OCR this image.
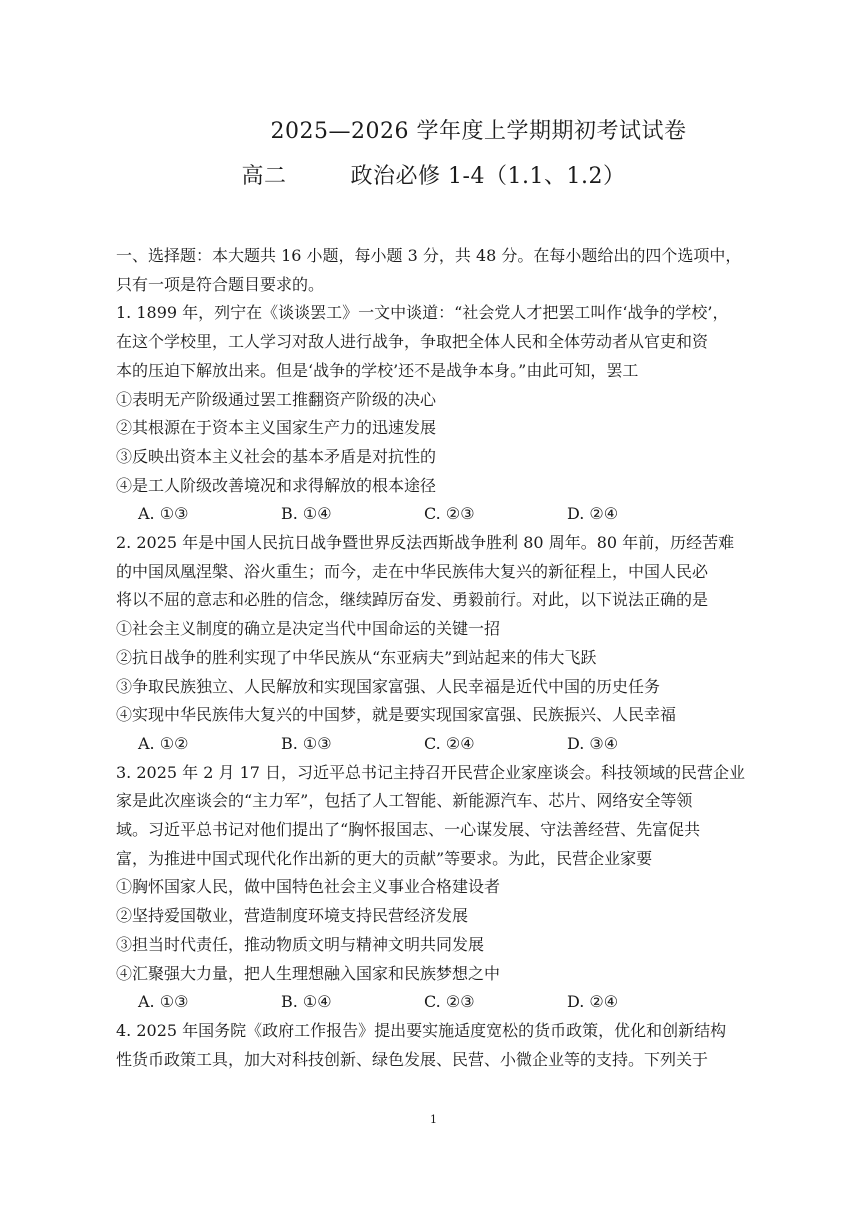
2025—2026 学年度上学期期初考试试卷
高二	政治必修 1-4（1.1、1.2）
一、选择题：本大题共 16 小题，每小题 3 分，共 48 分。在每小题给出的四个选项中，
只有一项是符合题目要求的。
1. 1899 年，列宁在《谈谈罢工》一文中谈道：“社会党人才把罢工叫作‘战争的学校’，
在这个学校里，工人学习对敌人进行战争，争取把全体人民和全体劳动者从官吏和资
本的压迫下解放出来。但是‘战争的学校’还不是战争本身。”由此可知，罢工
①表明无产阶级通过罢工推翻资产阶级的决心
②其根源在于资本主义国家生产力的迅速发展
③反映出资本主义社会的基本矛盾是对抗性的
④是工人阶级改善境况和求得解放的根本途径
A. ①③	B. ①④	C. ②③	D. ②④
2. 2025 年是中国人民抗日战争暨世界反法西斯战争胜利 80 周年。80 年前，历经苦难
的中国凤凰涅槃、浴火重生；而今，走在中华民族伟大复兴的新征程上，中国人民必
将以不屈的意志和必胜的信念，继续踔厉奋发、勇毅前行。对此，以下说法正确的是
①社会主义制度的确立是决定当代中国命运的关键一招
②抗日战争的胜利实现了中华民族从“东亚病夫”到站起来的伟大飞跃
③争取民族独立、人民解放和实现国家富强、人民幸福是近代中国的历史任务
④实现中华民族伟大复兴的中国梦，就是要实现国家富强、民族振兴、人民幸福
A. ①②	B. ①③	C. ②④	D. ③④
3. 2025 年 2 月 17 日，习近平总书记主持召开民营企业家座谈会。科技领域的民营企业
家是此次座谈会的“主力军”，包括了人工智能、新能源汽车、芯片、网络安全等领
域。习近平总书记对他们提出了“胸怀报国志、一心谋发展、守法善经营、先富促共
富，为推进中国式现代化作出新的更大的贡献”等要求。为此，民营企业家要
①胸怀国家人民，做中国特色社会主义事业合格建设者
②坚持爱国敬业，营造制度环境支持民营经济发展
③担当时代责任，推动物质文明与精神文明共同发展
④汇聚强大力量，把人生理想融入国家和民族梦想之中
A. ①③	B. ①④	C. ②③	D. ②④
4. 2025 年国务院《政府工作报告》提出要实施适度宽松的货币政策，优化和创新结构
性货币政策工具，加大对科技创新、绿色发展、民营、小微企业等的支持。下列关于
1
